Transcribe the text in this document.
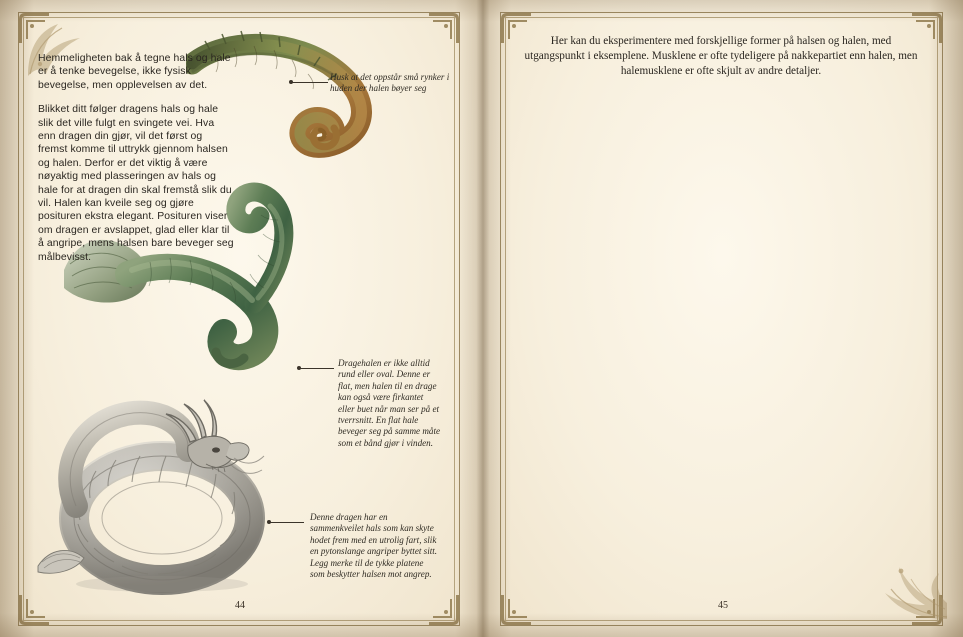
Hemmeligheten bak å tegne hals og hale er å tenke bevegelse, ikke fysisk bevegelse, men opplevelsen av det.

Blikket ditt følger dragens hals og hale slik det ville fulgt en svingete vei. Hva enn dragen din gjør, vil det først og fremst komme til uttrykk gjennom halsen og halen. Derfor er det viktig å være nøyaktig med plasseringen av hals og hale for at dragen din skal fremstå slik du vil. Halen kan kveile seg og gjøre posituren ekstra elegant. Posituren viser om dragen er avslappet, glad eller klar til å angripe, mens halsen bare beveger seg målbevisst.

Husk at det oppstår små rynker i huden der halen bøyer seg
Dragehalen er ikke alltid rund eller oval. Denne er flat, men halen til en drage kan også være firkantet eller buet når man ser på et tverrsnitt. En flat hale beveger seg på samme måte som et bånd gjør i vinden.
Denne dragen har en sammenkveilet hals som kan skyte hodet frem med en utrolig fart, slik en pytonslange angriper byttet sitt. Legg merke til de tykke platene som beskytter halsen mot angrep.
Her kan du eksperimentere med forskjellige former på halsen og halen, med utgangspunkt i eksemplene. Musklene er ofte tydeligere på nakkepartiet enn halen, men halemusklene er ofte skjult av andre detaljer.
44	45
